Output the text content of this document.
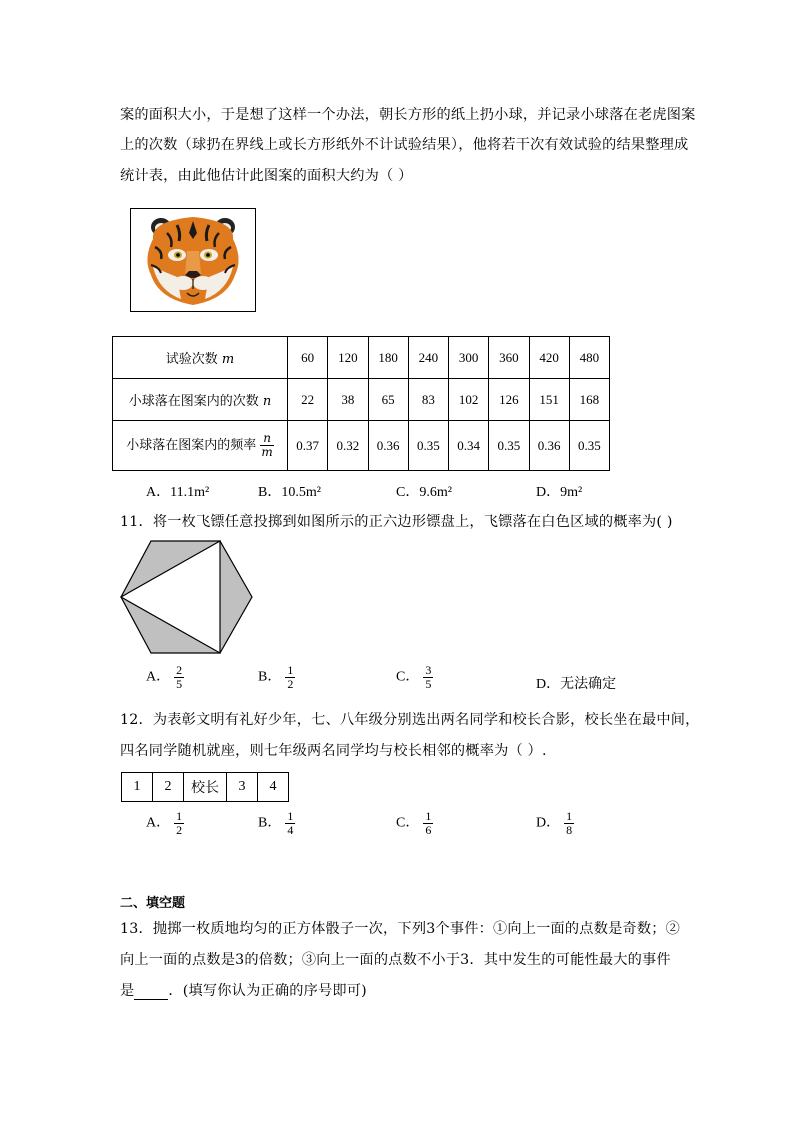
案的面积大小，于是想了这样一个办法，朝长方形的纸上扔小球，并记录小球落在老虎图案
上的次数（球扔在界线上或长方形纸外不计试验结果），他将若干次有效试验的结果整理成
统计表，由此他估计此图案的面积大约为（ ）
试验次数 m	60	120	180	240	300	360	420	480
小球落在图案内的次数 n	22	38	65	83	102	126	151	168
小球落在图案内的频率 $\frac{n}{m}$	0.37	0.32	0.36	0.35	0.34	0.35	0.36	0.35
A．11.1m²	B．10.5m²	C．9.6m²	D．9m²
11．将一枚飞镖任意投掷到如图所示的正六边形镖盘上，飞镖落在白色区域的概率为( )
A． $\frac{2}{5}$	B． $\frac{1}{2}$	C． $\frac{3}{5}$	D．无法确定
12．为表彰文明有礼好少年，七、八年级分别选出两名同学和校长合影，校长坐在最中间，
四名同学随机就座，则七年级两名同学均与校长相邻的概率为（ ）.
1	2	校长	3	4
A． $\frac{1}{2}$	B． $\frac{1}{4}$	C． $\frac{1}{6}$	D． $\frac{1}{8}$
二、填空题
13．抛掷一枚质地均匀的正方体骰子一次，下列3个事件：①向上一面的点数是奇数；②
向上一面的点数是3的倍数；③向上一面的点数不小于3．其中发生的可能性最大的事件
是 ．(填写你认为正确的序号即可)
